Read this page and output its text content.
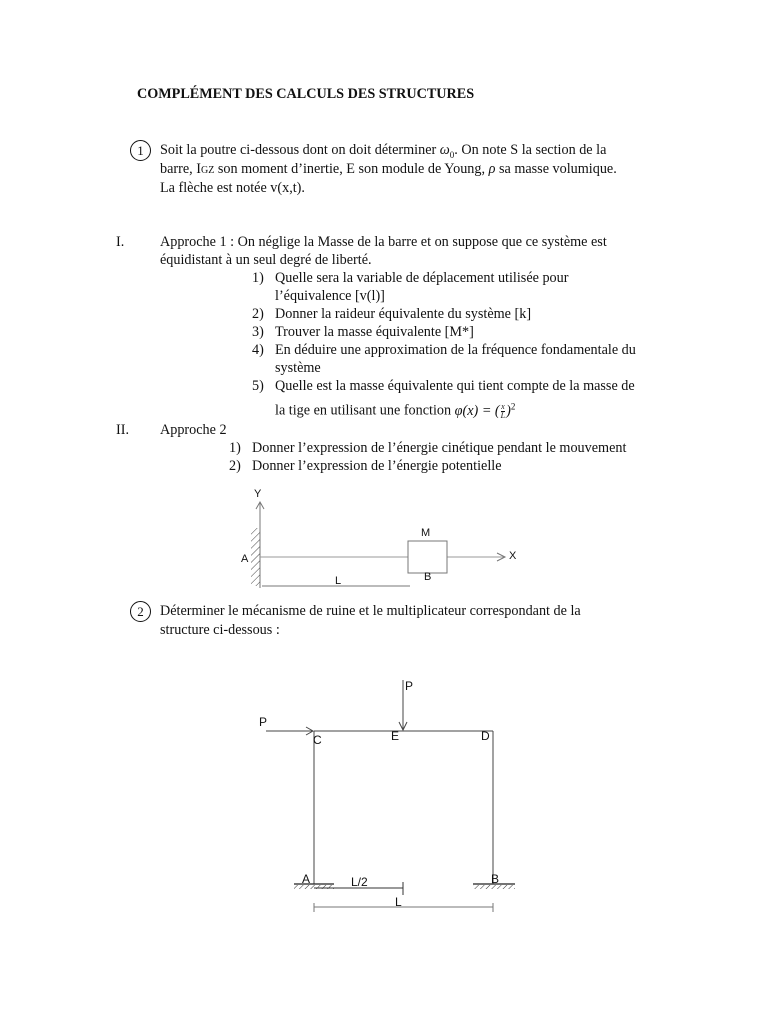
COMPLÉMENT DES CALCULS DES STRUCTURES
1	Soit la poutre ci-dessous dont on doit déterminer $\omega_0$. On note S la section de la
barre, IGZ son moment d’inertie, E son module de Young, ρ sa masse volumique.
La flèche est notée v(x,t).
I.	Approche 1 : On néglige la Masse de la barre et on suppose que ce système est
équidistant à un seul degré de liberté.
1) Quelle sera la variable de déplacement utilisée pour
l’équivalence [v(l)]
2) Donner la raideur équivalente du système [k]
3) Trouver la masse équivalente [M*]
4) En déduire une approximation de la fréquence fondamentale du
système
5) Quelle est la masse équivalente qui tient compte de la masse de
la tige en utilisant une fonction φ(x) = ( $\frac{x}{L} )^2$
II. Approche 2
1) Donner l’expression de l’énergie cinétique pendant le mouvement
2) Donner l’expression de l’énergie potentielle
Y
X
A
M
B
L
2	Déterminer le mécanisme de ruine et le multiplicateur correspondant de la
structure ci-dessous :
P
P
C	E	D
A	B
L/2
L
